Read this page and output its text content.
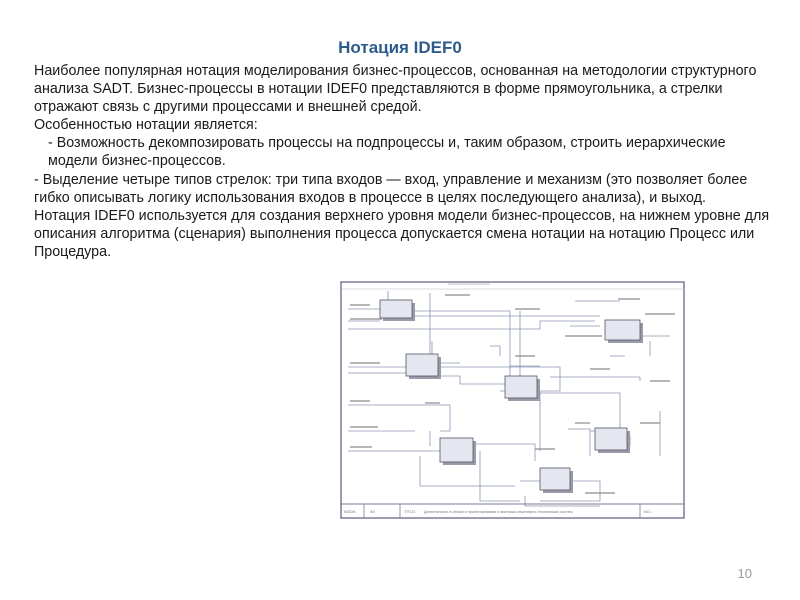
Нотация IDEF0

Наиболее популярная нотация моделирования бизнес-процессов, основанная на методологии структурного анализа SADT. Бизнес-процессы в нотации IDEF0 представляются в форме прямоугольника, а стрелки отражают связь с другими процессами и внешней средой.

Особенностью нотации является:

- Возможность декомпозировать процессы на подпроцессы и, таким образом, строить иерархические модели бизнес-процессов.

- Выделение четыре типов стрелок: три типа входов — вход, управление и механизм (это позволяет более гибко описывать логику использования входов в процессе в целях последующего анализа), и выход.

Нотация IDEF0 используется для создания верхнего уровня модели бизнес-процессов, на нижнем уровне для описания алгоритма (сценария) выполнения процесса допускается смена нотации на нотацию Процесс или Процедура.

NODE:	A0	TITLE: Деятельность в области проектирования и монтажа инженерно-технических систем	NO.:
10
